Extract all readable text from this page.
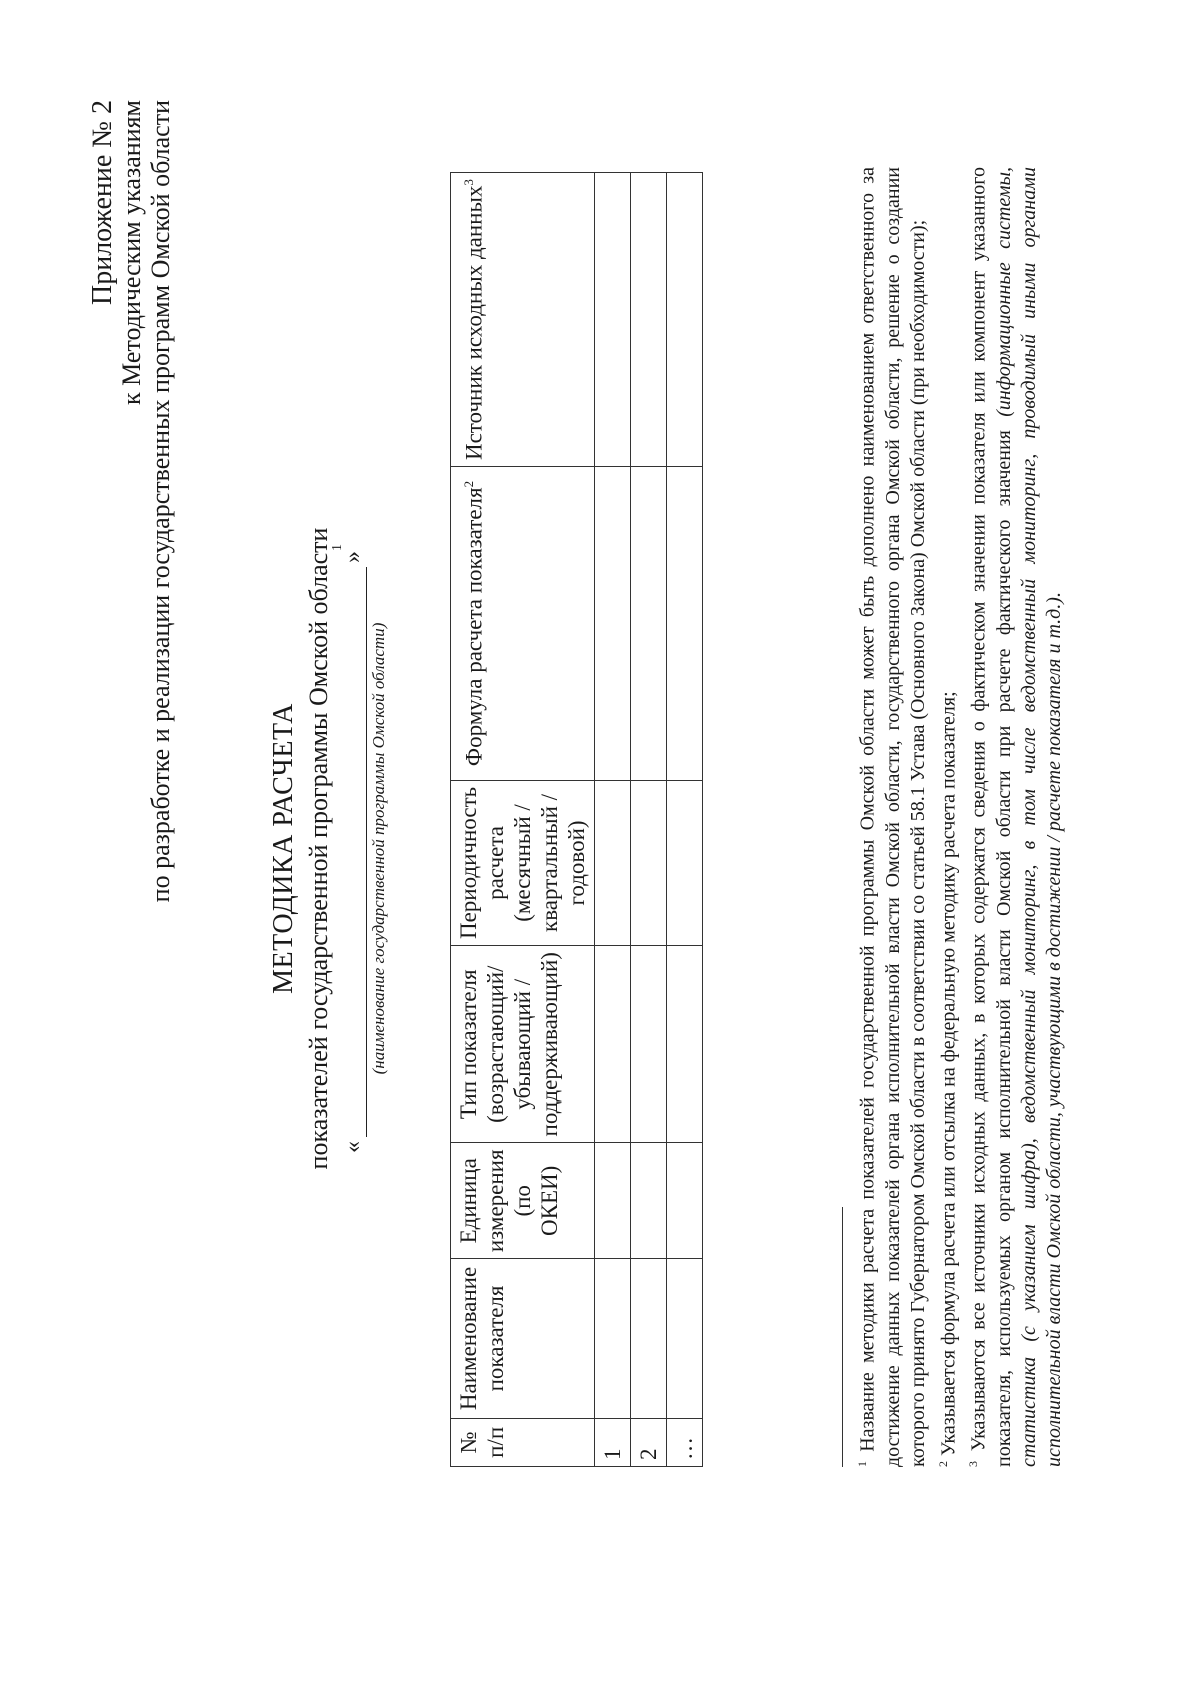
Приложение № 2 к Методическим указаниям по разработке и реализации государственных программ Омской области	МЕТОДИКА РАСЧЕТА показателей государственной программы Омской области «»$^1$
(наименование государственной программы Омской области)
№ п/п	Наименование показателя	Единица измерения (по ОКЕИ)	Тип показателя (возрастающий/ убывающий / поддерживающий)	Периодичность расчета (месячный / квартальный / годовой)	Формула расчета показателя$^2$	Источник исходных данных$^3$
1						
2						
…						

$^1$ Название методики расчета показателей государственной программы Омской области может быть дополнено наименованием ответственного за достижение данных показателей органа исполнительной власти Омской области, государственного органа Омской области, решение о создании которого принято Губернатором Омской области в соответствии со статьей 58.1 Устава (Основного Закона) Омской области (при необходимости); $^2$ Указывается формула расчета или отсылка на федеральную методику расчета показателя;

$^3$ Указываются все источники исходных данных, в которых содержатся сведения о фактическом значении показателя или компонент указанного показателя, используемых органом исполнительной власти Омской области при расчете фактического значения (информационные системы, статистика (с указанием шифра), ведомственный мониторинг, в том числе ведомственный мониторинг, проводимый иными органами исполнительной власти Омской области, участвующими в достижении / расчете показателя и т.д.).
